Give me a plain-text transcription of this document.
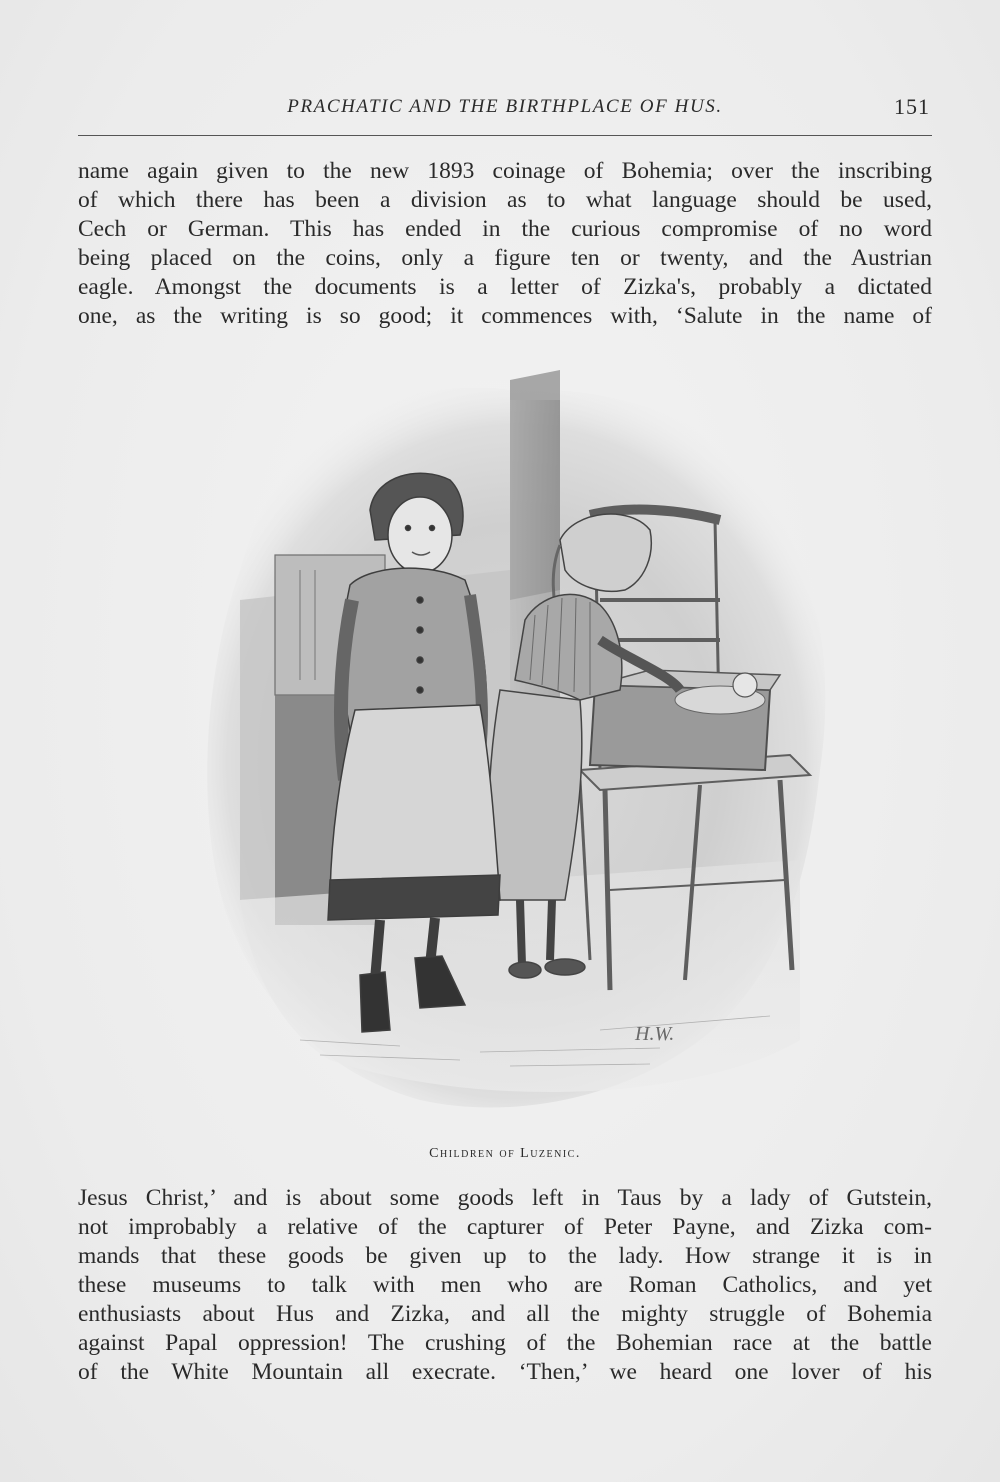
PRACHATIC AND THE BIRTHPLACE OF HUS.	151
name again given to the new 1893 coinage of Bohemia; over the inscribing
of which there has been a division as to what language should be used,
Cech or German. This has ended in the curious compromise of no word
being placed on the coins, only a figure ten or twenty, and the Austrian
eagle. Amongst the documents is a letter of Zizka's, probably a dictated
one, as the writing is so good; it commences with, ‘Salute in the name of
H.W.
Children of Luzenic.
Jesus Christ,’ and is about some goods left in Taus by a lady of Gutstein,
not improbably a relative of the capturer of Peter Payne, and Zizka com-
mands that these goods be given up to the lady. How strange it is in
these museums to talk with men who are Roman Catholics, and yet
enthusiasts about Hus and Zizka, and all the mighty struggle of Bohemia
against Papal oppression! The crushing of the Bohemian race at the battle
of the White Mountain all execrate. ‘Then,’ we heard one lover of his
